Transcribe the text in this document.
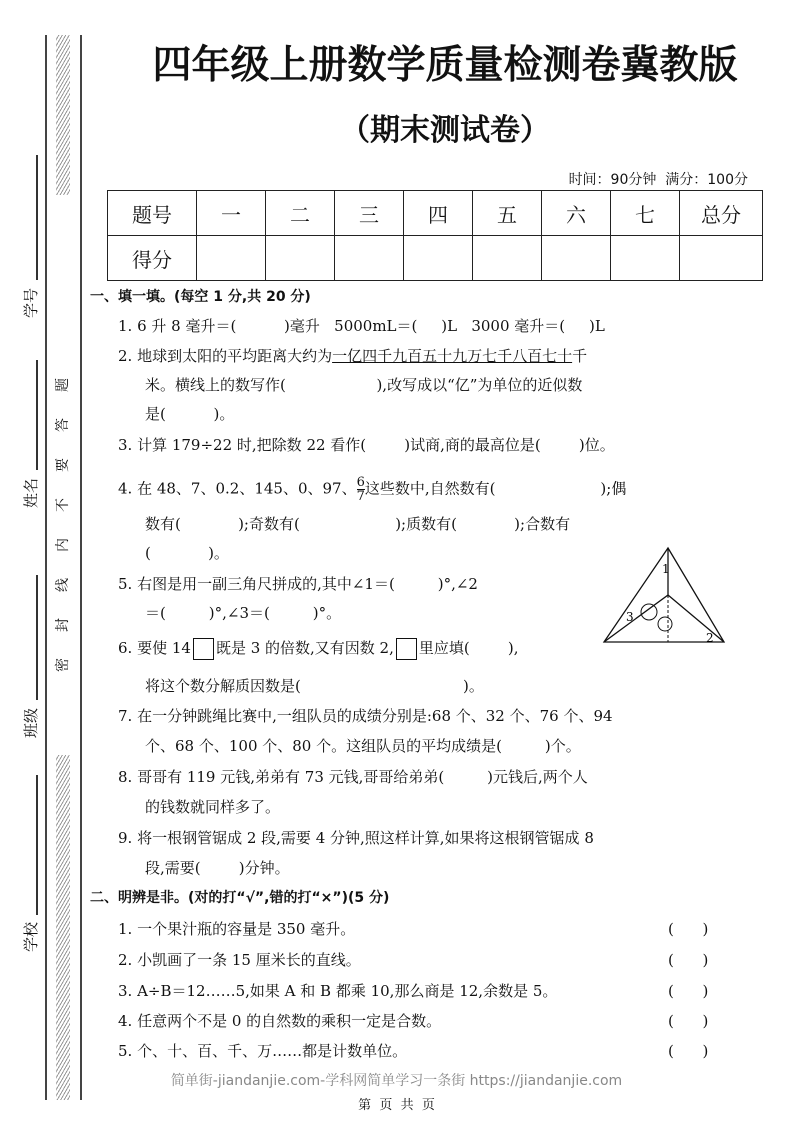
题
答
要
不
内
线
封
密
学号
姓名
班级
学校
四年级上册数学质量检测卷冀教版
（期末测试卷）
时间：90分钟  满分：100分
题号	一	二	三	四	五	六	七	总分
得分								
一、填一填。(每空 1 分,共 20 分)
1. 6 升 8 毫升＝(          )毫升   5000mL＝(     )L   3000 毫升＝(     )L
2. 地球到太阳的平均距离大约为一亿四千九百五十九万七千八百七十千
米。横线上的数写作(                   ),改写成以“亿”为单位的近似数
是(          )。
3. 计算 179÷22 时,把除数 22 看作(        )试商,商的最高位是(        )位。
4. 在 48、7、0.2、145、0、97、 $\frac{6}{7}$ 这些数中,自然数有(                      );偶
数有(            );奇数有(                    );质数有(            );合数有
(            )。
5. 右图是用一副三角尺拼成的,其中∠1＝(         )°,∠2
＝(         )°,∠3＝(         )°。
1
2
3
6. 要使 14 既是 3 的倍数,又有因数 2, 里应填(        ),
将这个数分解质因数是(                                  )。
7. 在一分钟跳绳比赛中,一组队员的成绩分别是:68 个、32 个、76 个、94
个、68 个、100 个、80 个。这组队员的平均成绩是(         )个。
8. 哥哥有 119 元钱,弟弟有 73 元钱,哥哥给弟弟(         )元钱后,两个人
的钱数就同样多了。
9. 将一根钢管锯成 2 段,需要 4 分钟,照这样计算,如果将这根钢管锯成 8
段,需要(        )分钟。
二、明辨是非。(对的打“√”,错的打“×”)(5 分)
1. 一个果汁瓶的容量是 350 毫升。	(      )
2. 小凯画了一条 15 厘米长的直线。	(      )
3. A÷B＝12……5,如果 A 和 B 都乘 10,那么商是 12,余数是 5。	(      )
4. 任意两个不是 0 的自然数的乘积一定是合数。	(      )
5. 个、十、百、千、万……都是计数单位。	(      )
简单街-jiandanjie.com-学科网简单学习一条街 https://jiandanjie.com
第  页  共  页
